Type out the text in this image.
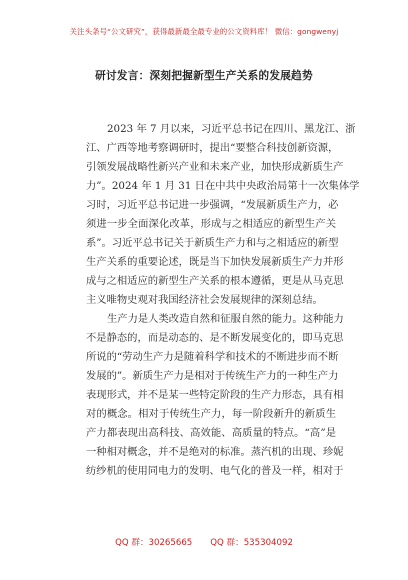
关注头条号“公文研究”，获得最新最全最专业的公文资料库！ 微信：gongwenyj
研讨发言：深刻把握新型生产关系的发展趋势
2023 年 7 月以来，习近平总书记在四川、黑龙江、浙
江、广西等地考察调研时，提出“要整合科技创新资源，
引领发展战略性新兴产业和未来产业，加快形成新质生产
力”。2024 年 1 月 31 日在中共中央政治局第十一次集体学
习时，习近平总书记进一步强调，“发展新质生产力，必
须进一步全面深化改革，形成与之相适应的新型生产关
系”。习近平总书记关于新质生产力和与之相适应的新型
生产关系的重要论述，既是当下加快发展新质生产力并形
成与之相适应的新型生产关系的根本遵循，更是从马克思
主义唯物史观对我国经济社会发展规律的深刻总结。
生产力是人类改造自然和征服自然的能力。这种能力
不是静态的，而是动态的、是不断发展变化的，即马克思
所说的“劳动生产力是随着科学和技术的不断进步而不断
发展的”。新质生产力是相对于传统生产力的一种生产力
表现形式，并不是某一些特定阶段的生产力形态，具有相
对的概念。相对于传统生产力，每一阶段新升的新质生
产力都表现出高科技、高效能、高质量的特点。“高”是
一种相对概念，并不是绝对的标准。蒸汽机的出现、珍妮
纺纱机的使用同电力的发明、电气化的普及一样，相对于
QQ 群：30265665 QQ 群：535304092
